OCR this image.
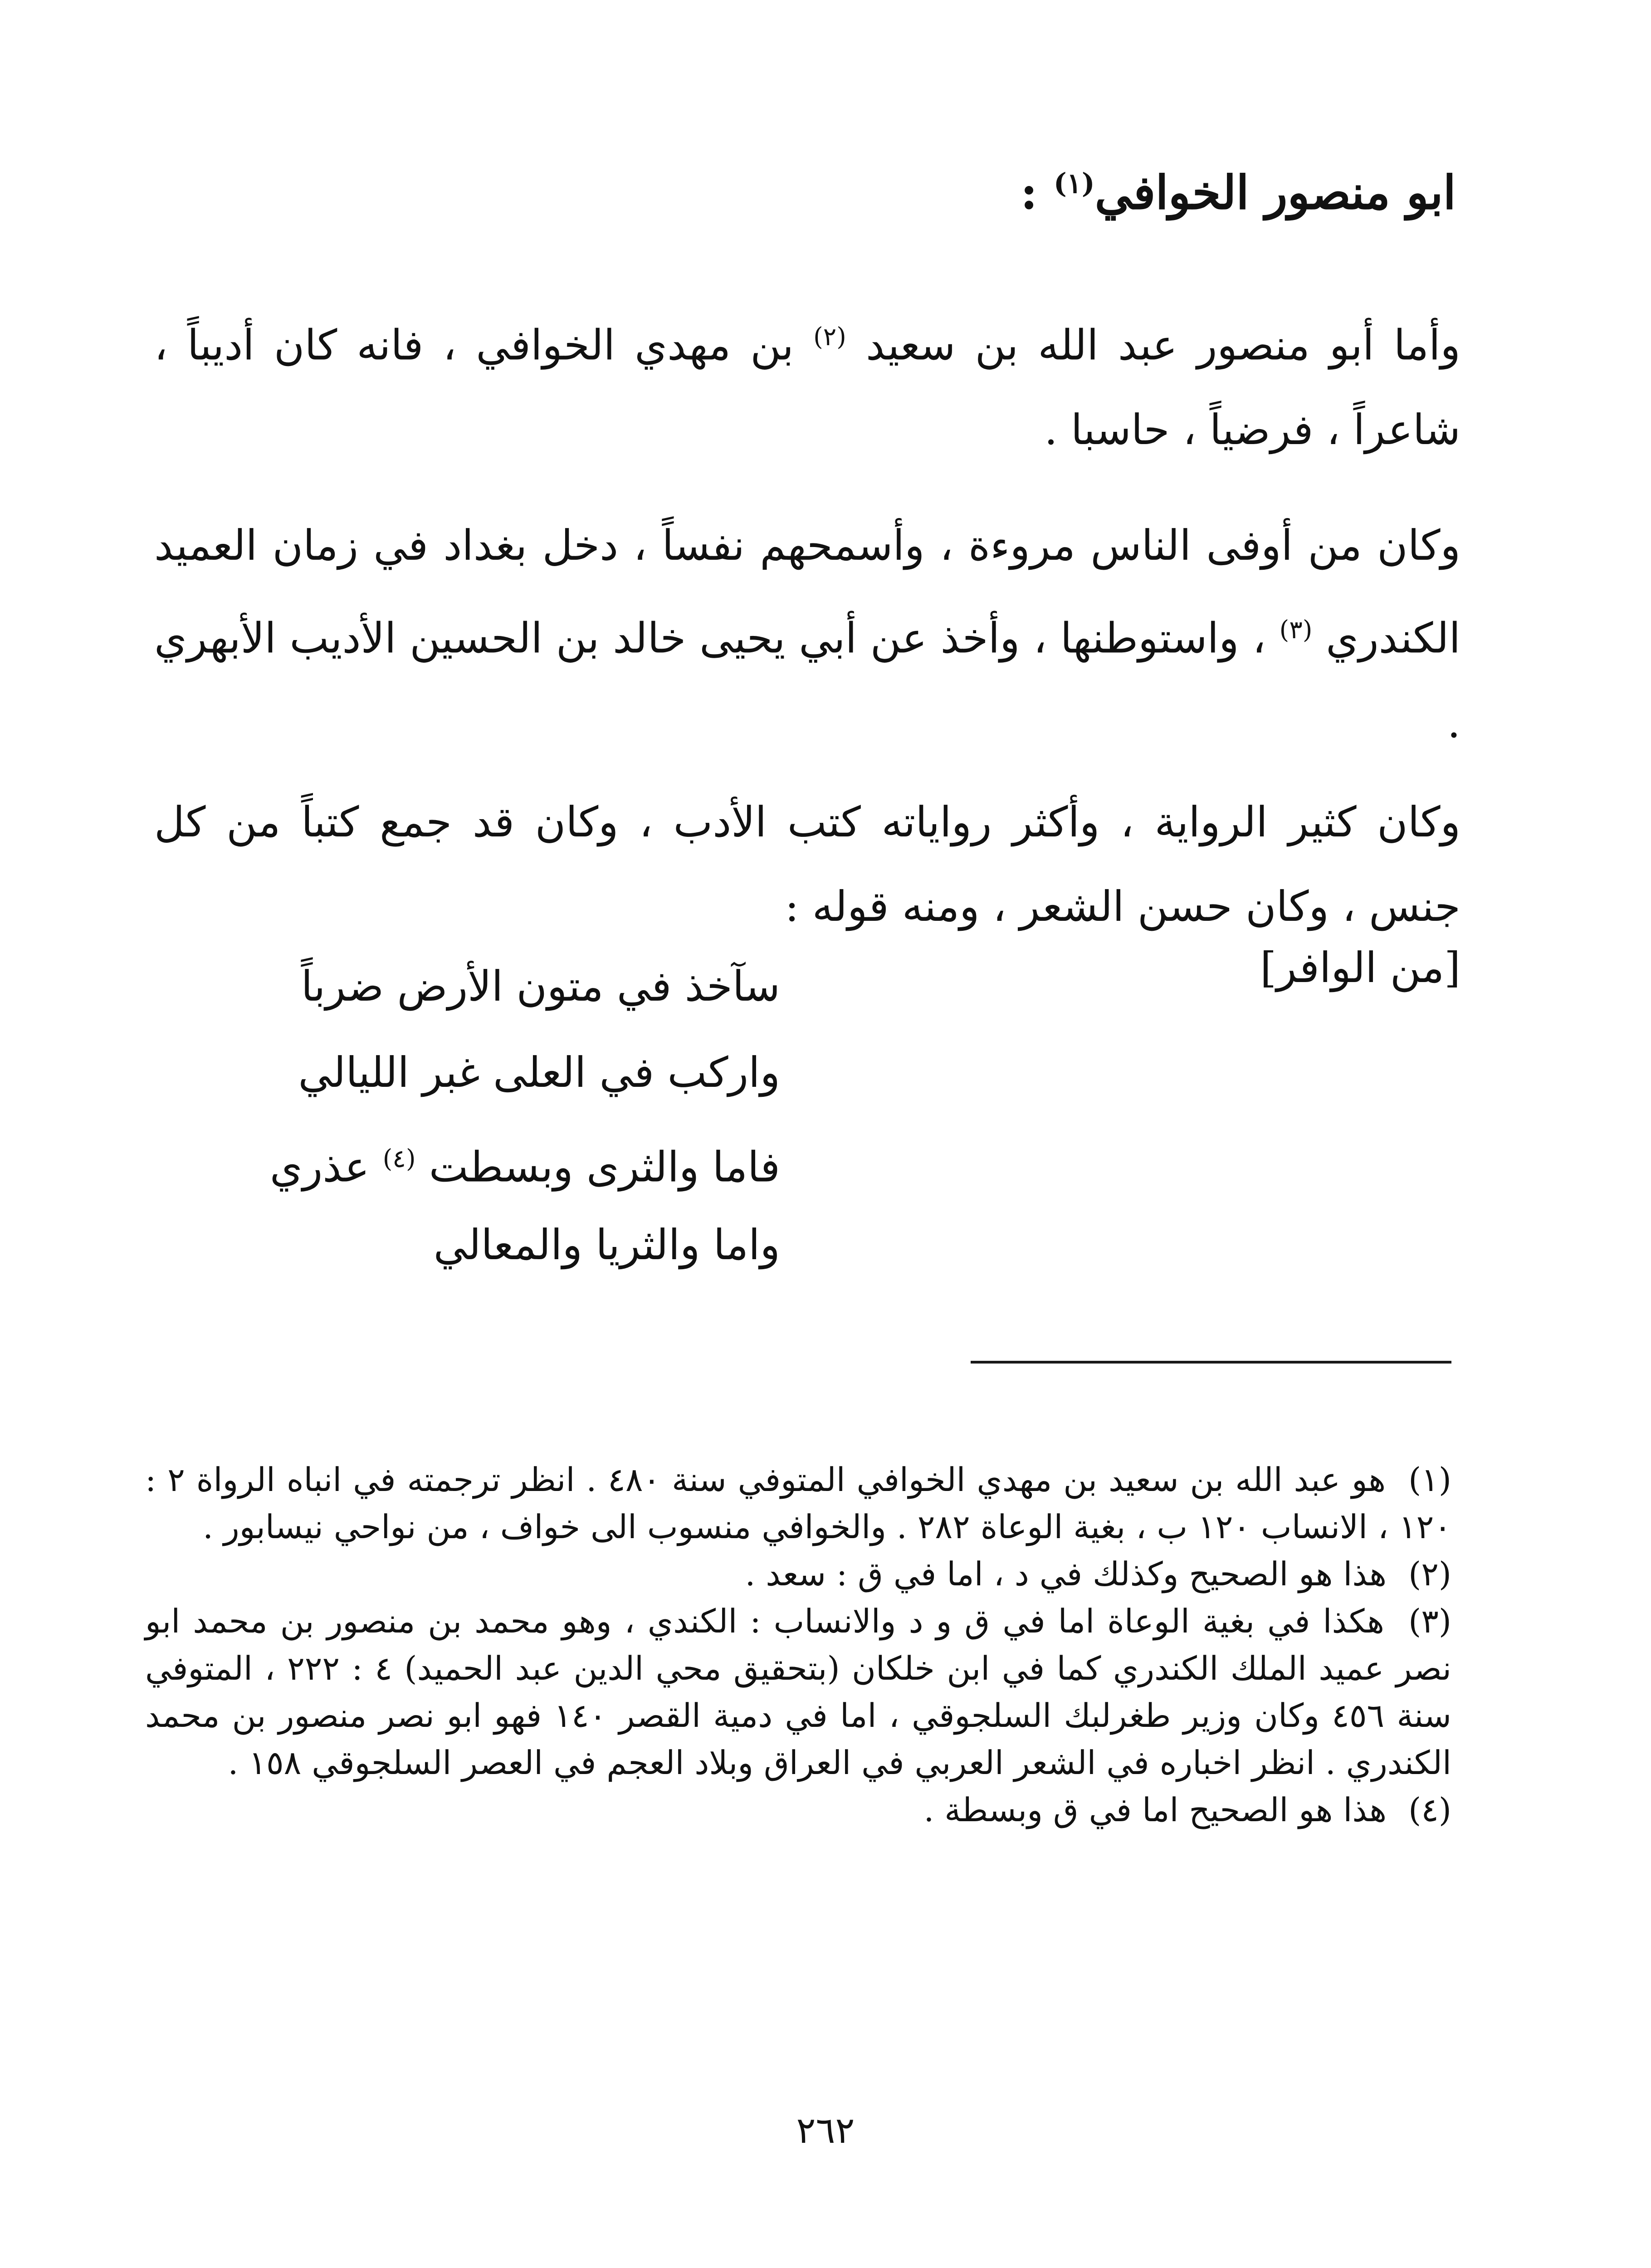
ابو منصور الخوافي$^{(١)}$ :
وأما أبو منصور عبد الله بن سعيد $^{(٢)}$ بن مهدي الخوافي ، فانه كان أديباً ، شاعراً ، فرضياً ، حاسبا .
وكان من أوفى الناس مروءة ، وأسمحهم نفساً ، دخل بغداد في زمان العميد الكندري $^{(٣)}$ ، واستوطنها ، وأخذ عن أبي يحيى خالد بن الحسين الأديب الأبهري .
وكان كثير الرواية ، وأكثر رواياته كتب الأدب ، وكان قد جمع كتباً من كل جنس ، وكان حسن الشعر ، ومنه قوله :
[من الوافر]
سآخذ في متون الأرض ضرباً
واركب في العلى غبر الليالي
فاما والثرى وبسطت $^{(٤)}$ عذري
واما والثريا والمعالي

(١) هو عبد الله بن سعيد بن مهدي الخوافي المتوفي سنة ٤٨٠ . انظر ترجمته في انباه الرواة ٢ : ١٢٠ ، الانساب ١٢٠ ب ، بغية الوعاة ٢٨٢ . والخوافي منسوب الى خواف ، من نواحي نيسابور .

(٢) هذا هو الصحيح وكذلك في د ، اما في ق : سعد .

(٣) هكذا في بغية الوعاة اما في ق و د والانساب : الكندي ، وهو محمد بن منصور بن محمد ابو نصر عميد الملك الكندري كما في ابن خلكان (بتحقيق محي الدين عبد الحميد) ٤ : ٢٢٢ ، المتوفي سنة ٤٥٦ وكان وزير طغرلبك السلجوقي ، اما في دمية القصر ١٤٠ فهو ابو نصر منصور بن محمد الكندري . انظر اخباره في الشعر العربي في العراق وبلاد العجم في العصر السلجوقي ١٥٨ .

(٤) هذا هو الصحيح اما في ق وبسطة .

٢٦٢
